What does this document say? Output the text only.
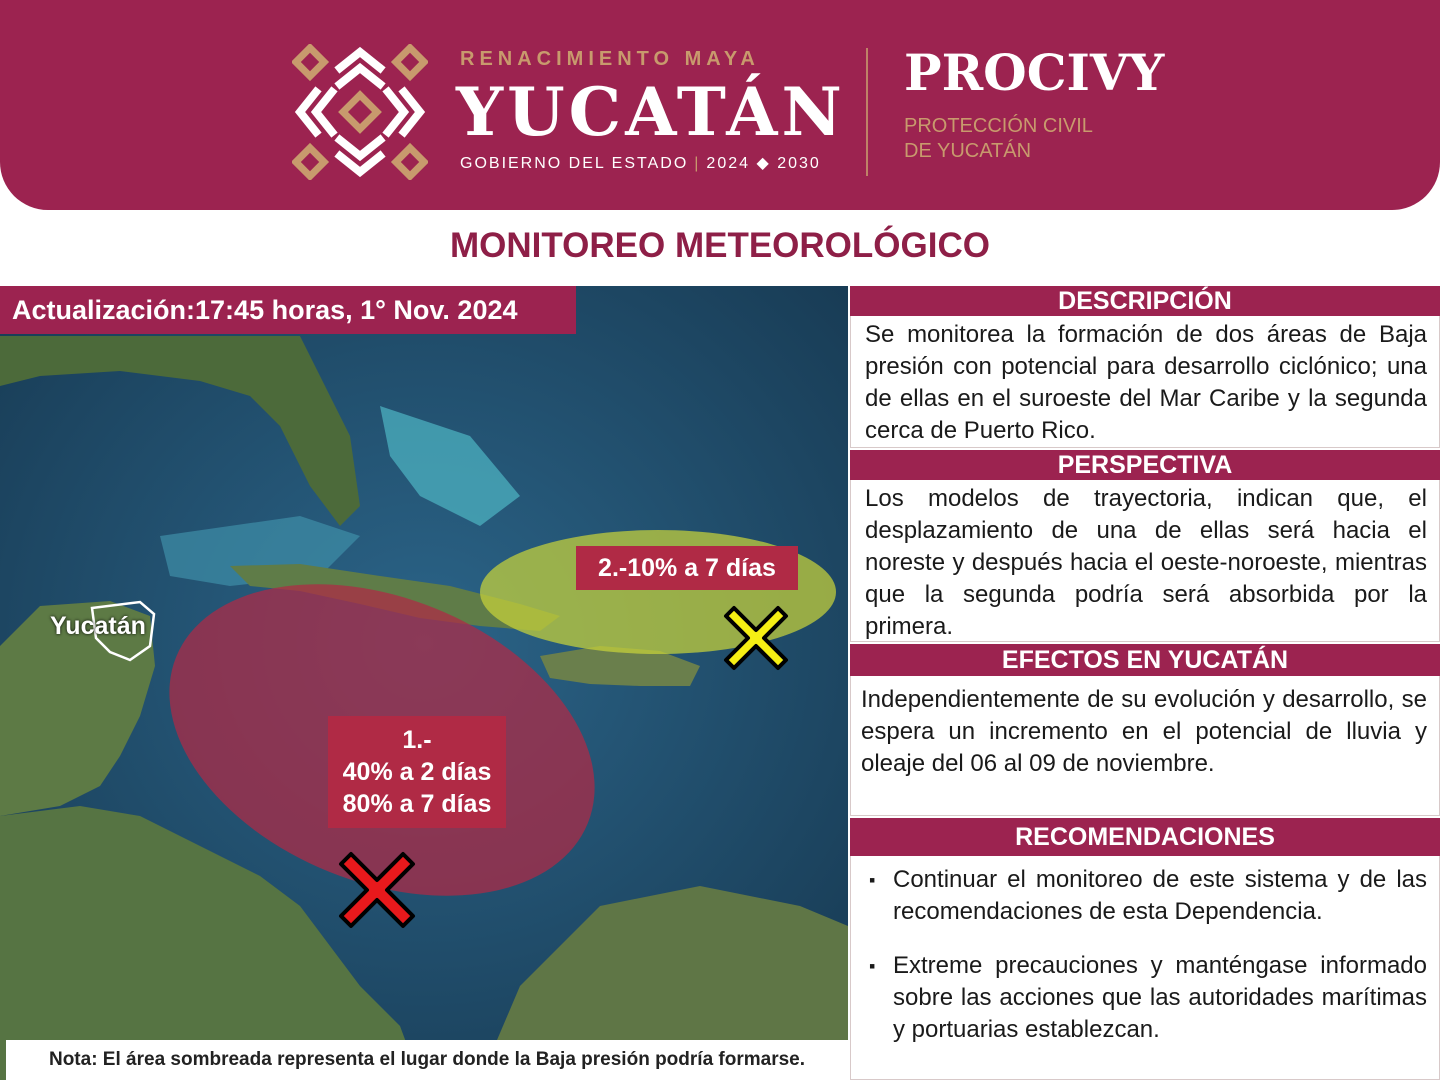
RENACIMIENTO MAYA
YUCATÁN
GOBIERNO DEL ESTADO | 2024 ◆ 2030
PROCIVY
PROTECCIÓN CIVIL
DE YUCATÁN
MONITOREO METEOROLÓGICO
Actualización:17:45 horas, 1° Nov. 2024
Yucatán
2.-10% a 7 días
1.-
40% a 2 días
80% a 7 días
Nota: El área sombreada representa el lugar donde la Baja presión podría formarse.
DESCRIPCIÓN
Se monitorea la formación de dos áreas de Baja presión con potencial para desarrollo ciclónico; una de ellas en el suroeste del Mar Caribe y la segunda cerca de Puerto Rico.
PERSPECTIVA
Los modelos de trayectoria, indican que, el desplazamiento de una de ellas será hacia el noreste y después hacia el oeste-noroeste, mientras que la segunda podría será absorbida por la primera.
EFECTOS EN YUCATÁN
Independientemente de su evolución y desarrollo, se espera un incremento en el potencial de lluvia y oleaje del 06 al 09 de noviembre.
RECOMENDACIONES
▪ Continuar el monitoreo de este sistema y de las recomendaciones de esta Dependencia.
▪ Extreme precauciones y manténgase informado sobre las acciones que las autoridades marítimas y portuarias establezcan.
